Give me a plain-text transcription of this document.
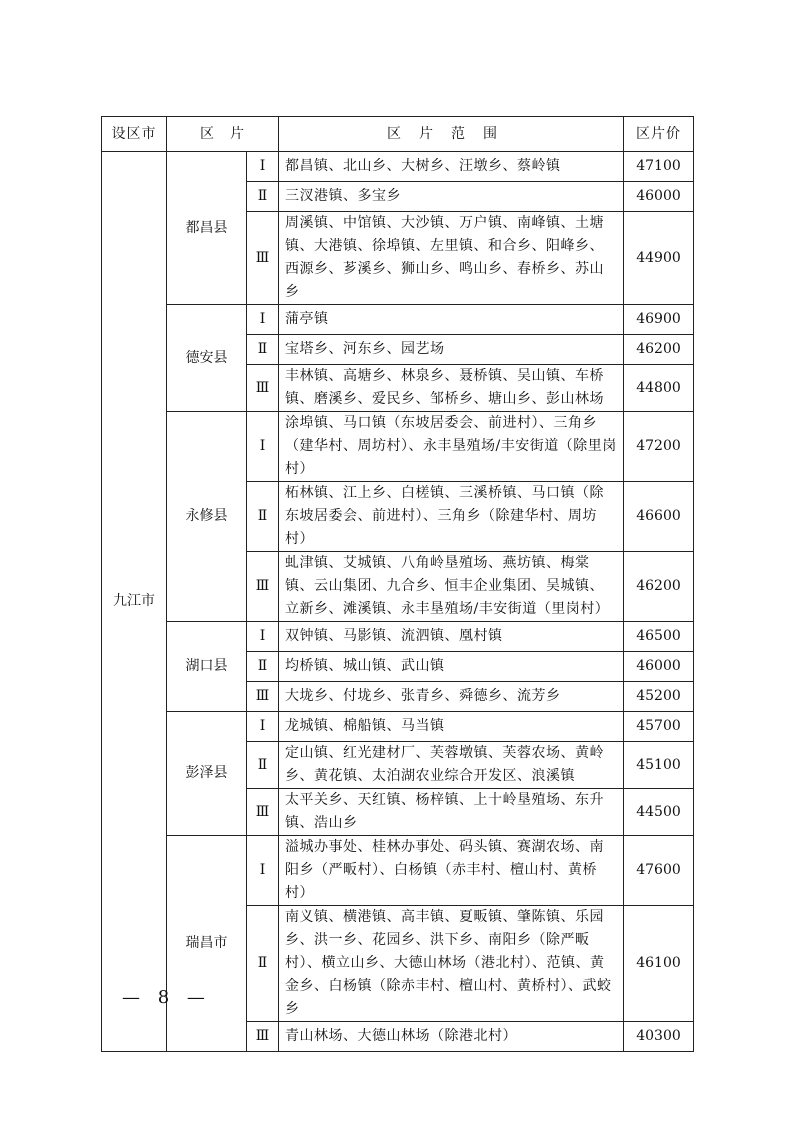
设区市	区　片		区片范围	区片价
九江市	都昌县	Ⅰ	都昌镇、北山乡、大树乡、汪墩乡、蔡岭镇	47100
		Ⅱ	三汊港镇、多宝乡	46000
		Ⅲ	周溪镇、中馆镇、大沙镇、万户镇、南峰镇、土塘镇、大港镇、徐埠镇、左里镇、和合乡、阳峰乡、西源乡、芗溪乡、狮山乡、鸣山乡、春桥乡、苏山乡	44900
	德安县	Ⅰ	蒲亭镇	46900
		Ⅱ	宝塔乡、河东乡、园艺场	46200
		Ⅲ	丰林镇、高塘乡、林泉乡、聂桥镇、吴山镇、车桥镇、磨溪乡、爱民乡、邹桥乡、塘山乡、彭山林场	44800
	永修县	Ⅰ	涂埠镇、马口镇（东坡居委会、前进村）、三角乡（建华村、周坊村）、永丰垦殖场/丰安街道（除里岗村）	47200
		Ⅱ	柘林镇、江上乡、白槎镇、三溪桥镇、马口镇（除东坡居委会、前进村）、三角乡（除建华村、周坊村）	46600
		Ⅲ	虬津镇、艾城镇、八角岭垦殖场、燕坊镇、梅棠镇、云山集团、九合乡、恒丰企业集团、吴城镇、立新乡、滩溪镇、永丰垦殖场/丰安街道（里岗村）	46200
	湖口县	Ⅰ	双钟镇、马影镇、流泗镇、凰村镇	46500
		Ⅱ	均桥镇、城山镇、武山镇	46000
		Ⅲ	大垅乡、付垅乡、张青乡、舜德乡、流芳乡	45200
	彭泽县	Ⅰ	龙城镇、棉船镇、马当镇	45700
		Ⅱ	定山镇、红光建材厂、芙蓉墩镇、芙蓉农场、黄岭乡、黄花镇、太泊湖农业综合开发区、浪溪镇	45100
		Ⅲ	太平关乡、天红镇、杨梓镇、上十岭垦殖场、东升镇、浩山乡	44500
	瑞昌市	Ⅰ	溢城办事处、桂林办事处、码头镇、赛湖农场、南阳乡（严畈村）、白杨镇（赤丰村、檀山村、黄桥村）	47600
		Ⅱ	南义镇、横港镇、高丰镇、夏畈镇、肇陈镇、乐园乡、洪一乡、花园乡、洪下乡、南阳乡（除严畈村）、横立山乡、大德山林场（港北村）、范镇、黄金乡、白杨镇（除赤丰村、檀山村、黄桥村）、武蛟乡	46100
		Ⅲ	青山林场、大德山林场（除港北村）	40300
— 8 —
